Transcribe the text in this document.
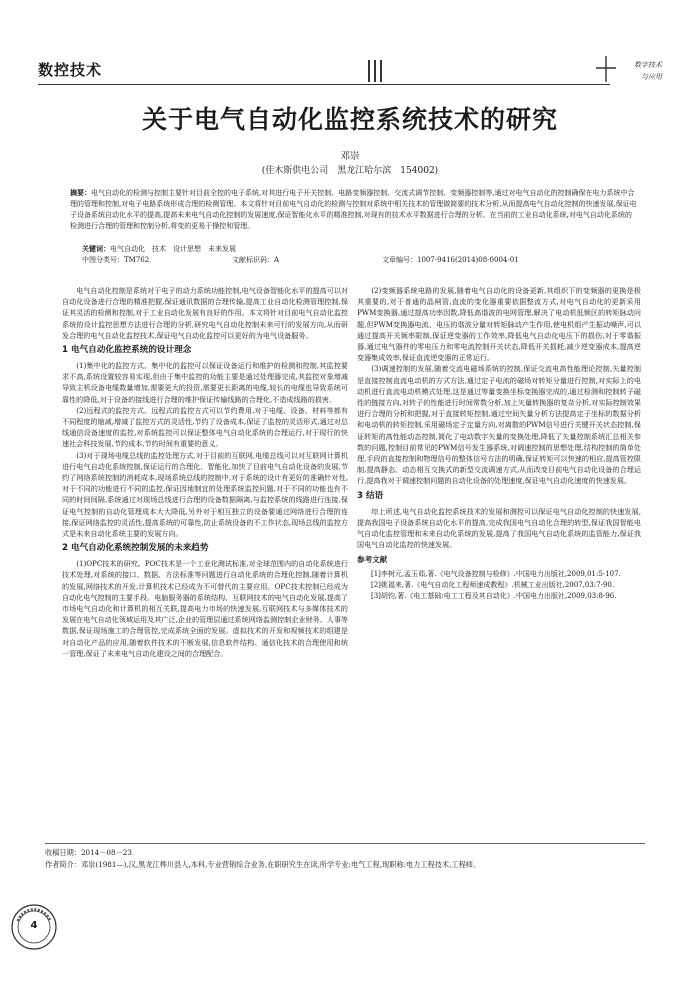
数控技术	数字技术
与应用
关于电气自动化监控系统技术的研究
邓崇
(佳木斯供电公司　黑龙江哈尔滨　154002)
摘要：电气自动化的检测与控制主要针对目前全控的电子系统,对其进行电子开关控制、电路变频器控制、交流式调节控制、变频器控制等,通过对电气自动化的控制确保在电力系统中合理的管理和控制,对电子电路系统形成合理的检测管理。本文将针对目前电气自动化的检测与控制对系统中相关技术的管理做简要的技术分析,从而提高电气自动化控制的快速发展,保证电子设备系统自动化水平的提高,提高未来电气自动化控制的发展速度,保证智能化水平的精准控制,对现有的技术水平数据进行合理的分析。在当前的工业自动化系统,对电气自动化系统的检测进行合理的管理和控制分析,将变的更易于操控和管理。
关键词：电气自动化　技术　设计思想　未来发展
中图分类号：TM762	文献标识码：A	文章编号：1007-9416(2014)08-0004-01

电气自动化控制是系统对于电子的动力系统功能控制,电气设备智能化水平的提高可以对自动化设备进行合理的精准把握,保证通讯数据的合理传输,提高工业自动化检测管理控制,保证其灵活的检测和控制,对于工业自动化发展有良好的作用。本文将针对目前电气自动化监控系统的设计监控思想方法进行合理的分析,研究电气自动化控制未来可行的发展方向,从而研发合理的电气自动化监控技术,保证电气自动化监控可以更好的为电气设备服务。

1 电气自动化监控系统的设计理念

(1)集中化的监控方式。集中化的监控可以保证设备运行和维护的检测和控制,其监控要求不高,系统设置较容易实现,但由于集中监控的功能主要是通过处理器完成,其监控对象增减导致主机设备电缆数量增加,需要更大的投资,需要更长距离的电缆,较长的电缆也导致系统可靠性的降低,对于设备的接线进行合理的维护保证传输线路的合理化,不造成线路的损害。

(2)远程式的监控方式。远程式的监控方式可以节约费用,对于电缆、设备、材料等都有不同程度的缩减,增减了监控方式的灵活性,节约了设备成本,保证了监控的灵活形式,通过对总线通信设备速度的监控,对系统监控可以保证整体电气自动化系统的合理运行,对于现行的快速社会科技发展,节约成本,节约时间有重要的意义。

(3)对于现场电缆总线的监控处理方式,对于目前的互联网,电缆总线可以对互联网计算机进行电气自动化系统控制,保证运行的合理化、智能化,加快了目前电气自动化设备的发展,节约了网络系统控制的消耗成本,现场系统总线的控制中,对于系统的设计有更好的准确针对性,对于不同的功能进行不同的监控,保证因地制宜的处理系统监控问题,对于不同的功能也有不同的时间间隔,系统通过对现场总线进行合理的设备数据隔离,与监控系统的线路进行连接,保证电气控制的自动化管理成本大大降低,另外对于相互独立的设备要通过网络进行合理的连接,保证网络监控的灵活性,提高系统的可靠性,防止系统设备的不工作状态,现场总线的监控方式是未来自动化系统主要的发展方向。

2 电气自动化系统控制发展的未来趋势

(1)OPC技术的研究。POC技术是一个工业化测试标准,对全球范围内的自动化系统进行技术处理,对系统的接口、数据、方法标准等问题进行自动化系统的合理化控制,随着计算机的发展,网络技术的开发,计算机技术已经成为不可替代的主要应用。OPC技术控制已经成为自动化电气控制的主要手段。电脑服务器的系统结构、互联网技术的电气自动化发展,提高了市场电气自动化和计算机的相互关联,提高电力市场的快速发展,互联网技术与多媒体技术的发展在电气自动化领域运用及其广泛,企业的管理层通过系统网络监测控制企业财务、人事等数据,保证现场施工的合理管控,完成系统全面的发展。虚拟技术的开发和视频技术的组建是对自动化产品的应用,随着软件技术的不断发展,信息软件结构、通信化技术的合理使用和统一管理,保证了未来电气自动化建设之间的合理配合。

(2)变频器系统电路的发展,随着电气自动化的设备更新,其组织下的变频器的更换是极其重要的,对于普通的晶闸管,直流的变化器重要依据整流方式,对电气自动化的更新采用PWM变换器,通过提高功率因数,降低高谐波的电网管理,解决了电动机低频区的转矩脉动问题,但PWM变换器电流、电压的谐波分量对转矩脉动产生作用,使电机组产生振动噪声,可以通过提高开关频率限制,保证逆变器的工作效率,降低电气自动化电压下的损伤,对于零谐振器,通过电气器件的零电压力和零电流控制开关状态,降低开关损耗,减少逆变器成本,提高逆变器集成效率,保证直流逆变器的正常运行。

(3)调速控制的发展,随着交流电磁场系统的控制,保证交流电高性能理论控制,矢量控制是直接控制直流电动机的方式方法,通过定子电流的磁场对转矩分量进行控制,对实际上的电动机进行直流电动机模式处理,这是通过等量变换坐标变换器完成的,通过检测和控制转子磁性的链接方向,对转子的性能进行时间常数分析,加上矢量转换器的复杂分析,对实际控制效果进行合理的分析和把握,对于直接转矩控制,通过空间矢量分析方法提高定子坐标的数据分析和电动机的转矩控制,采用磁场定子定量方向,对离散的PWM信号进行关键开关状态控制,保证转矩的高性能动态控制,简化了电动数字矢量的变换处理,降低了矢量控制系统汇总相关参数的问题,控制目前常见的PWM信号发生器系统,对调速控制的思想处理,结构控制的简单处理,手段的直接控制和物理信号的整体信号方法的明确,保证转矩可以快速的相应,提高管控限制,提高静态、动态相互交换式的新型交流调速方式,从而改变目前电气自动化设备的合理运行,提高我对于调速控制问题的自动化设备的处理速度,保证电气自动化速度的快速发展。

3 结语

综上所述,电气自动化监控系统技术的发展和测控可以保证电气自动化控制的快速发展,提高我国电子设备系统自动化水平的提高,完成我国电气自动化合理的转型,保证我国智能电气自动化监控管理和未来自动化系统的发展,提高了我国电气自动化系统的监管能力,保证我国电气自动化监控的快速发展。

参考文献

[1]李树元,孟玉茹,著.《电气设备控制与检修》.中国电力出版社,2009,01:5-107.

[2]姚福来,著.《电气自动化工程师速成教程》.机械工业出版社,2007,03:7-90.

[3]胡钧,著.《电工基础:电工工程及其自动化》.中国电力出版社,2009,03:8-96.

收稿日期：2014－08－23
作者简介：邓崇(1981—),汉,黑龙江桦川县人,本科,专业营销综合业务,在职研究生在读,所学专业:电气工程,现职称:电力工程技术,工程师。
4
